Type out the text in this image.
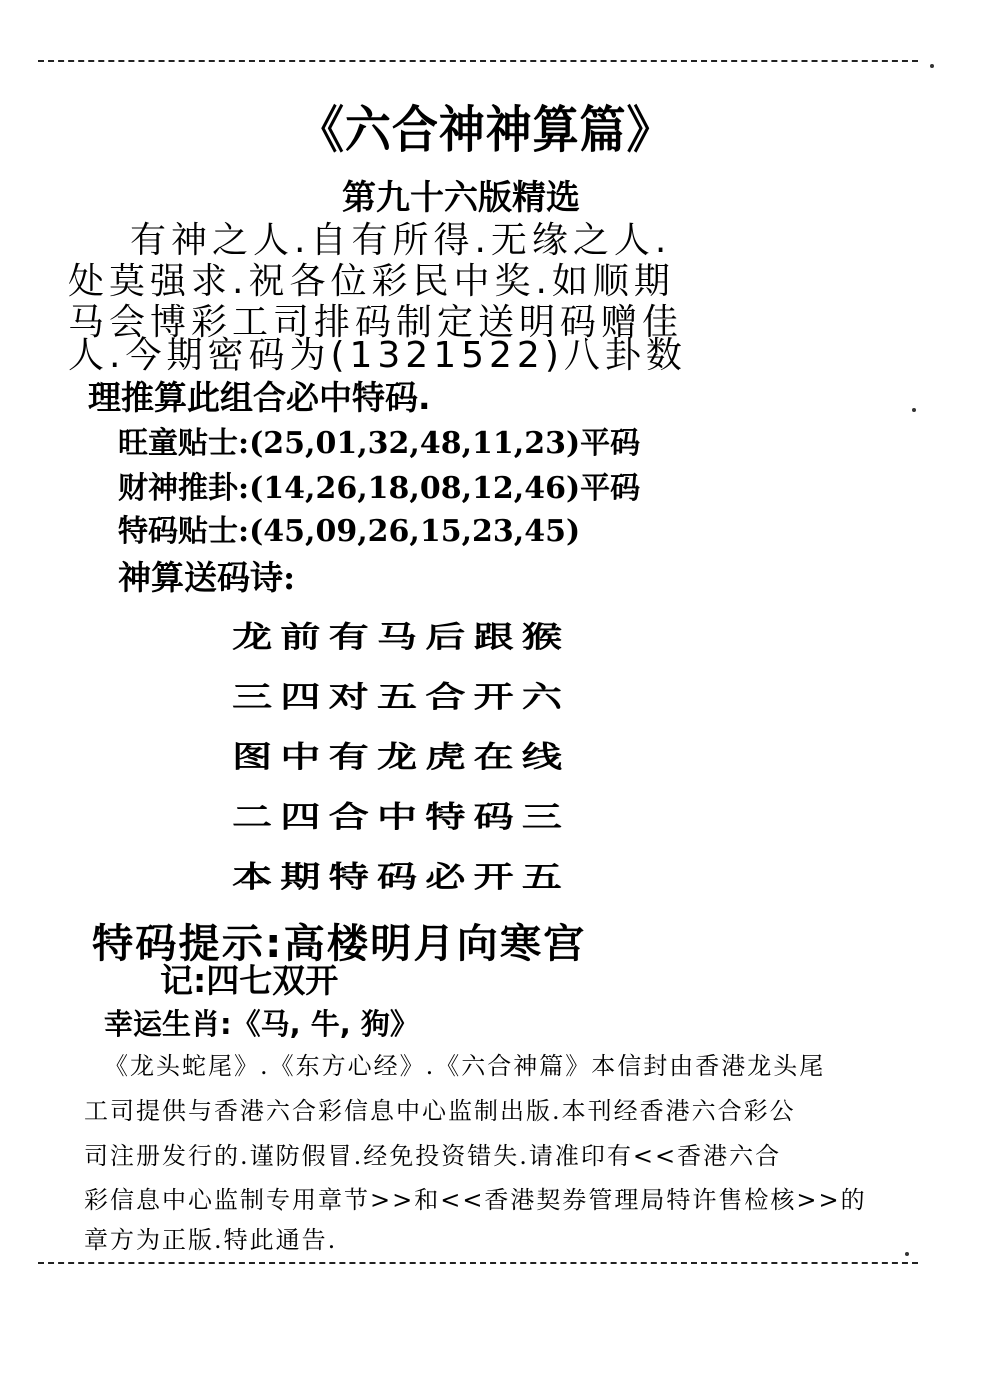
《六合神神算篇》
第九十六版精选
有神之人.自有所得.无缘之人.
处莫强求.祝各位彩民中奖.如顺期
马会博彩工司排码制定送明码赠佳
人.今期密码为(1321522)八卦数
理推算此组合必中特码.
旺童贴士:(25,01,32,48,11,23)平码
财神推卦:(14,26,18,08,12,46)平码
特码贴士:(45,09,26,15,23,45)
神算送码诗:
龙前有马后跟猴
三四对五合开六
图中有龙虎在线
二四合中特码三
本期特码必开五
特码提示:高楼明月向寒宫
记:四七双开
幸运生肖:《马, 牛, 狗》
《龙头蛇尾》.《东方心经》.《六合神篇》本信封由香港龙头尾
工司提供与香港六合彩信息中心监制出版.本刊经香港六合彩公
司注册发行的.谨防假冒.经免投资错失.请准印有<<香港六合
彩信息中心监制专用章节>>和<<香港契券管理局特许售检核>>的
章方为正版.特此通告.
